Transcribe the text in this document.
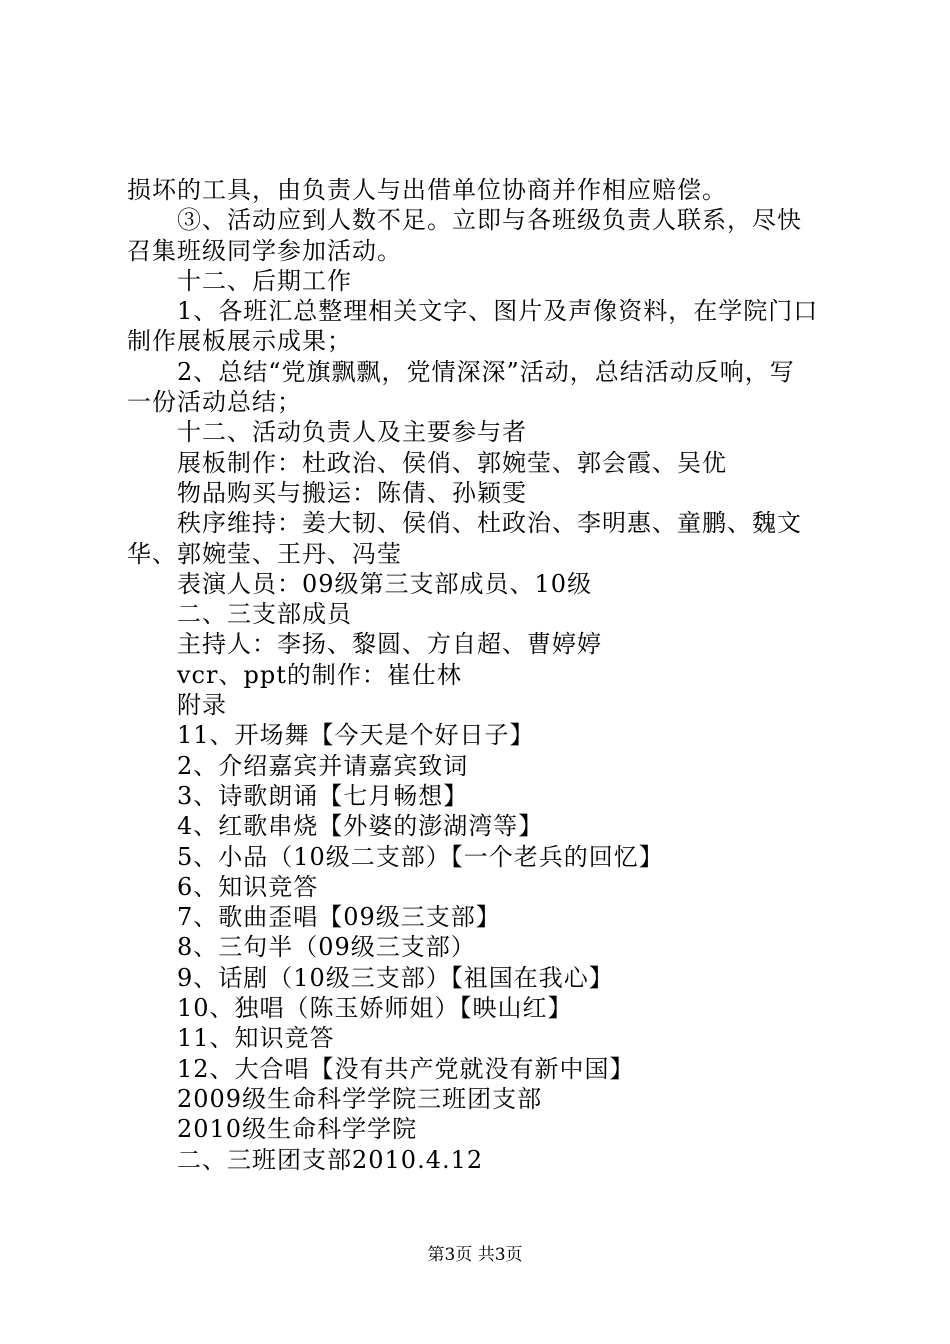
损坏的工具，由负责人与出借单位协商并作相应赔偿。
③、活动应到人数不足。立即与各班级负责人联系，尽快
召集班级同学参加活动。
十二、后期工作
1、各班汇总整理相关文字、图片及声像资料，在学院门口
制作展板展示成果；
2、总结“党旗飘飘，党情深深”活动，总结活动反响，写
一份活动总结；
十二、活动负责人及主要参与者
展板制作：杜政治、侯俏、郭婉莹、郭会霞、吴优
物品购买与搬运：陈倩、孙颖雯
秩序维持：姜大韧、侯俏、杜政治、李明惠、童鹏、魏文
华、郭婉莹、王丹、冯莹
表演人员：09级第三支部成员、10级
二、三支部成员
主持人：李扬、黎圆、方自超、曹婷婷
vcr、ppt的制作：崔仕林
附录
11、开场舞【今天是个好日子】
2、介绍嘉宾并请嘉宾致词
3、诗歌朗诵【七月畅想】
4、红歌串烧【外婆的澎湖湾等】
5、小品（10级二支部）【一个老兵的回忆】
6、知识竞答
7、歌曲歪唱【09级三支部】
8、三句半（09级三支部）
9、话剧（10级三支部）【祖国在我心】
10、独唱（陈玉娇师姐）【映山红】
11、知识竞答
12、大合唱【没有共产党就没有新中国】
2009级生命科学学院三班团支部
2010级生命科学学院
二、三班团支部2010.4.12
第3页 共3页
